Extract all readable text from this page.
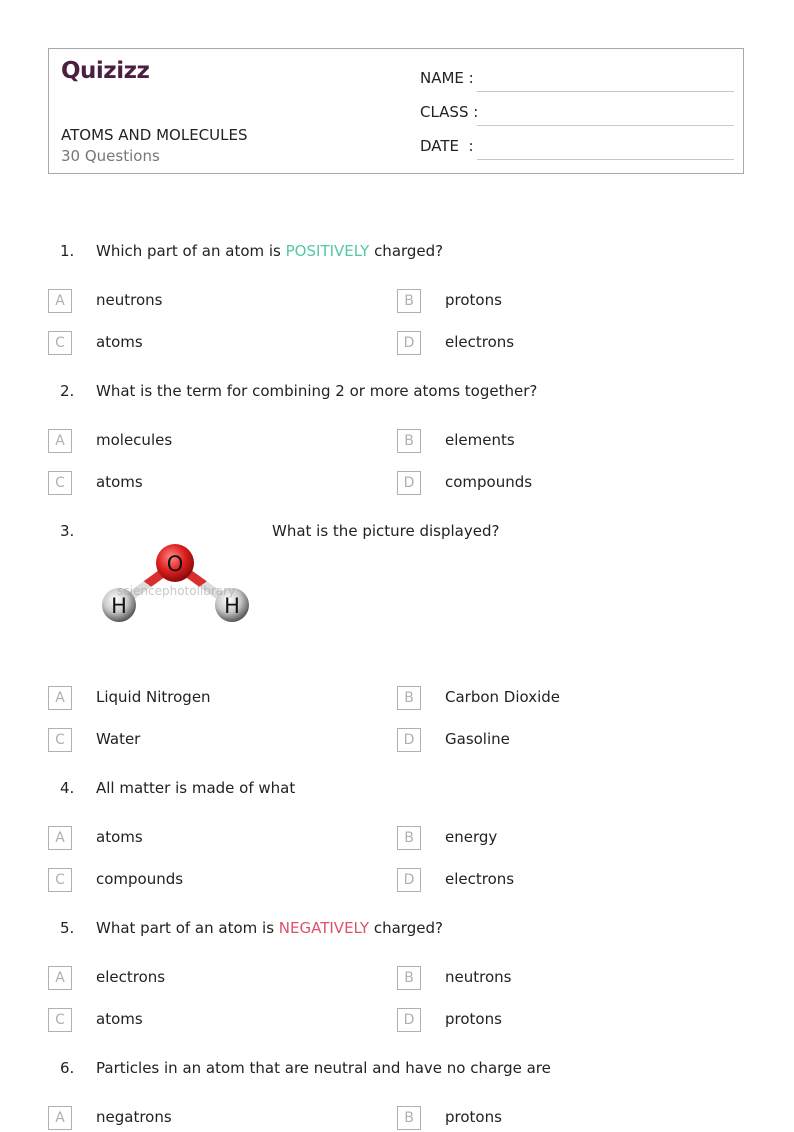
Quizizz
ATOMS AND MOLECULES
30 Questions
NAME :
CLASS :
DATE  :
1. Which part of an atom is POSITIVELY charged?
A	neutrons	B	protons
C	atoms	D	electrons
2. What is the term for combining 2 or more atoms together?
A	molecules	B	elements
C	atoms	D	compounds
3.	What is the picture displayed?
O
H	H
sciencephotolibrary
A	Liquid Nitrogen	B	Carbon Dioxide
C	Water	D	Gasoline
4. All matter is made of what
A	atoms	B	energy
C	compounds	D	electrons
5. What part of an atom is NEGATIVELY charged?
A	electrons	B	neutrons
C	atoms	D	protons
6. Particles in an atom that are neutral and have no charge are
A	negatrons	B	protons
